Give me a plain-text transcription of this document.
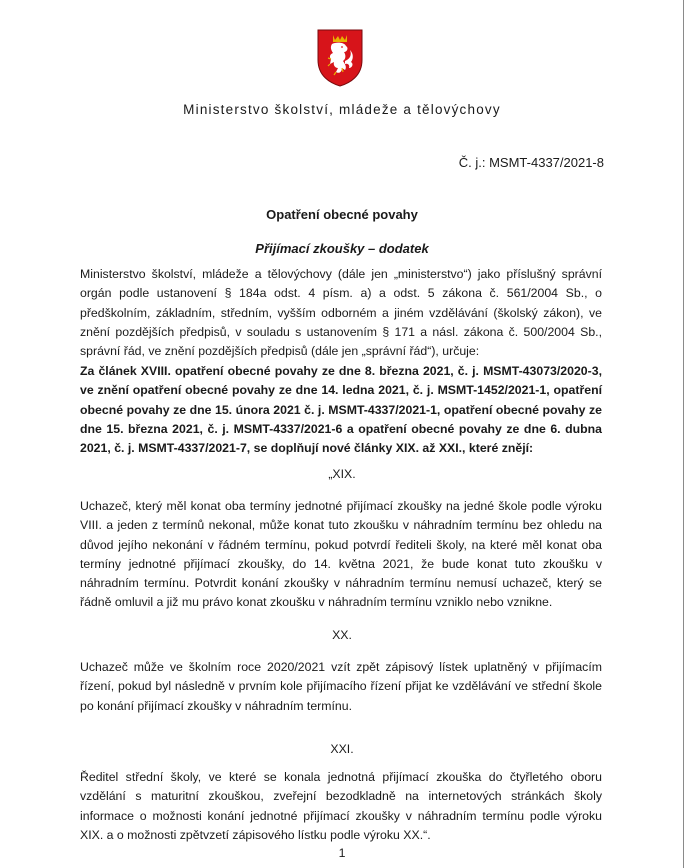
Ministerstvo školství, mládeže a tělovýchovy
Č. j.: MSMT-4337/2021-8
Opatření obecné povahy
Přijímací zkoušky – dodatek
Ministerstvo školství, mládeže a tělovýchovy (dále jen „ministerstvo“) jako příslušný správní orgán podle ustanovení § 184a odst. 4 písm. a) a odst. 5 zákona č. 561/2004 Sb., o předškolním, základním, středním, vyšším odborném a jiném vzdělávání (školský zákon), ve znění pozdějších předpisů, v souladu s ustanovením § 171 a násl. zákona č. 500/2004 Sb., správní řád, ve znění pozdějších předpisů (dále jen „správní řád“), určuje:
Za článek XVIII. opatření obecné povahy ze dne 8. března 2021, č. j. MSMT-43073/2020-3, ve znění opatření obecné povahy ze dne 14. ledna 2021, č. j. MSMT-1452/2021-1, opatření obecné povahy ze dne 15. února 2021 č. j. MSMT-4337/2021-1, opatření obecné povahy ze dne 15. března 2021, č. j. MSMT-4337/2021-6 a opatření obecné povahy ze dne 6. dubna 2021, č. j. MSMT-4337/2021-7, se doplňují nové články XIX. až XXI., které znějí:
„XIX.
Uchazeč, který měl konat oba termíny jednotné přijímací zkoušky na jedné škole podle výroku VIII. a jeden z termínů nekonal, může konat tuto zkoušku v náhradním termínu bez ohledu na důvod jejího nekonání v řádném termínu, pokud potvrdí řediteli školy, na které měl konat oba termíny jednotné přijímací zkoušky, do 14. května 2021, že bude konat tuto zkoušku v náhradním termínu. Potvrdit konání zkoušky v náhradním termínu nemusí uchazeč, který se řádně omluvil a již mu právo konat zkoušku v náhradním termínu vzniklo nebo vznikne.
XX.
Uchazeč může ve školním roce 2020/2021 vzít zpět zápisový lístek uplatněný v přijímacím řízení, pokud byl následně v prvním kole přijímacího řízení přijat ke vzdělávání ve střední škole po konání přijímací zkoušky v náhradním termínu.
XXI.
Ředitel střední školy, ve které se konala jednotná přijímací zkouška do čtyřletého oboru vzdělání s maturitní zkouškou, zveřejní bezodkladně na internetových stránkách školy informace o možnosti konání jednotné přijímací zkoušky v náhradním termínu podle výroku XIX. a o možnosti zpětvzetí zápisového lístku podle výroku XX.“.
1
